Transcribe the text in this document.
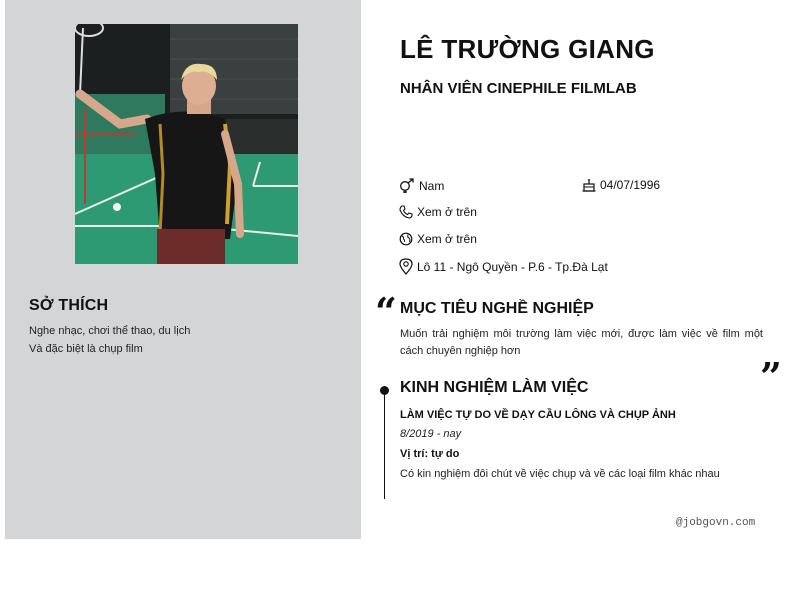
SỞ THÍCH
Nghe nhạc, chơi thể thao, du lịch
Và đặc biệt là chụp film
LÊ TRƯỜNG GIANG
NHÂN VIÊN CINEPHILE FILMLAB
Nam	04/07/1996
Xem ở trên
Xem ở trên
Lô 11 - Ngô Quyền - P.6 - Tp.Đà Lạt
“
”
MỤC TIÊU NGHỀ NGHIỆP
Muốn trải nghiệm môi trường làm việc mới, được làm việc về film một cách chuyên nghiệp hơn
KINH NGHIỆM LÀM VIỆC
LÀM VIỆC TỰ DO VỀ DẠY CẦU LÔNG VÀ CHỤP ẢNH
8/2019 - nay
Vị trí: tự do
Có kin nghiệm đôi chút về việc chụp và về các loại film khác nhau
@jobgovn.com
